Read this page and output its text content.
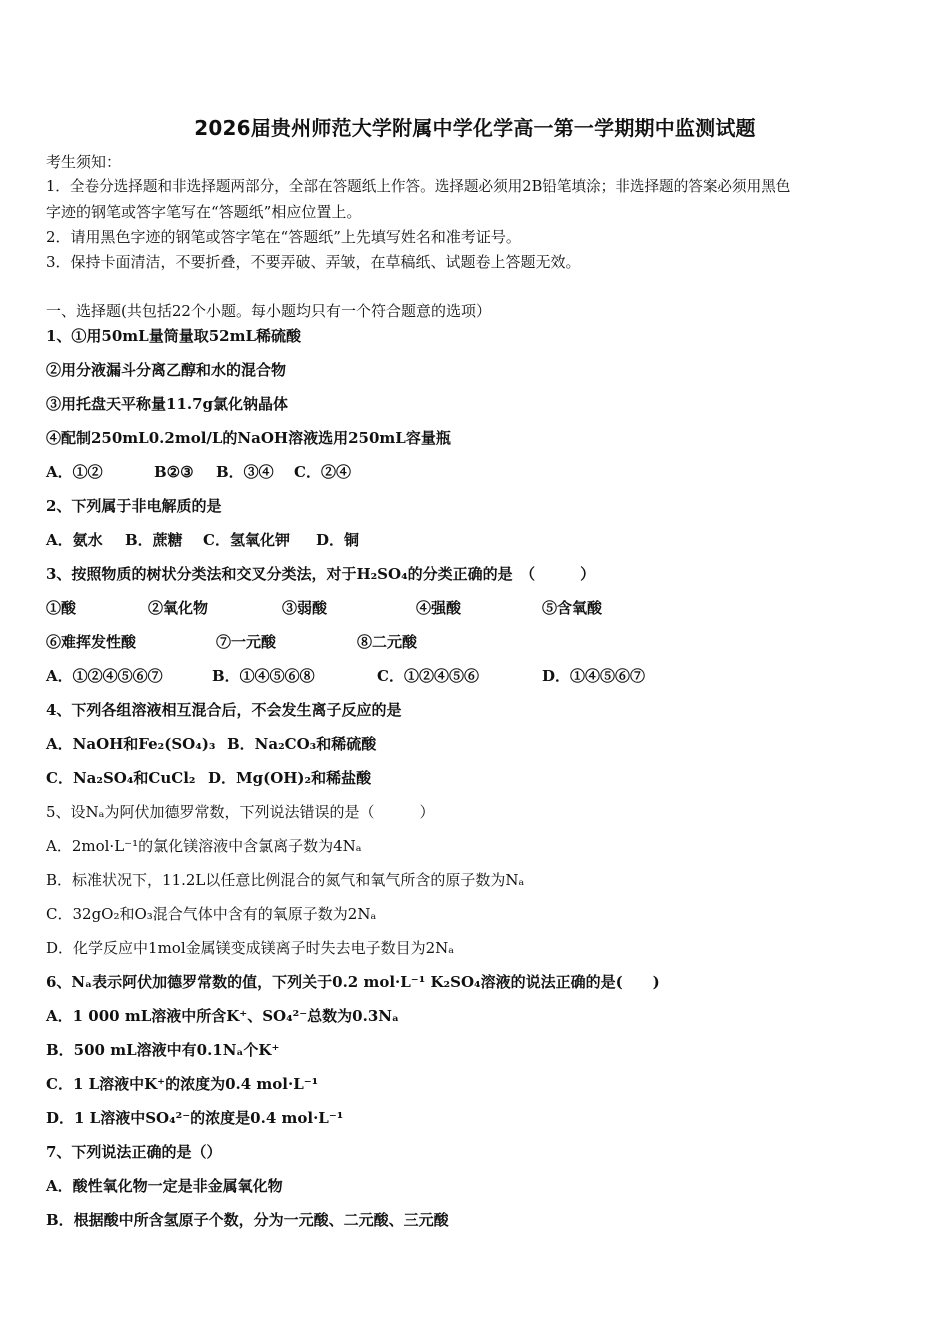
2026届贵州师范大学附属中学化学高一第一学期期中监测试题
考生须知：
1．全卷分选择题和非选择题两部分，全部在答题纸上作答。选择题必须用2B铅笔填涂；非选择题的答案必须用黑色
字迹的钢笔或答字笔写在“答题纸”相应位置上。
2．请用黑色字迹的钢笔或答字笔在“答题纸”上先填写姓名和准考证号。
3．保持卡面清洁，不要折叠，不要弄破、弄皱，在草稿纸、试题卷上答题无效。
一、选择题(共包括22个小题。每小题均只有一个符合题意的选项）
1、①用50mL量筒量取52mL稀硫酸
②用分液漏斗分离乙醇和水的混合物
③用托盘天平称量11.7g氯化钠晶体
④配制250mL0.2mol/L的NaOH溶液选用250mL容量瓶
A．①②	B②③ B．③④ C．②④
2、下列属于非电解质的是
A．氨水 B．蔗糖 C．氢氧化钾 D．铜
3、按照物质的树状分类法和交叉分类法，对于H₂SO₄的分类正确的是　（　　　）
①酸	②氧化物	③弱酸	④强酸	⑤含氧酸
⑥难挥发性酸	⑦一元酸	⑧二元酸
A．①②④⑤⑥⑦	B．①④⑤⑥⑧	C．①②④⑤⑥	D．①④⑤⑥⑦
4、下列各组溶液相互混合后，不会发生离子反应的是
A．NaOH和Fe₂(SO₄)₃ B．Na₂CO₃和稀硫酸
C．Na₂SO₄和CuCl₂ D．Mg(OH)₂和稀盐酸
5、设Nₐ为阿伏加德罗常数，下列说法错误的是（　　　）
A．2mol·L⁻¹的氯化镁溶液中含氯离子数为4Nₐ
B．标准状况下，11.2L以任意比例混合的氮气和氧气所含的原子数为Nₐ
C．32gO₂和O₃混合气体中含有的氧原子数为2Nₐ
D．化学反应中1mol金属镁变成镁离子时失去电子数目为2Nₐ
6、Nₐ表示阿伏加德罗常数的值，下列关于0.2 mol·L⁻¹ K₂SO₄溶液的说法正确的是(　　)
A．1 000 mL溶液中所含K⁺、SO₄²⁻总数为0.3Nₐ
B．500 mL溶液中有0.1Nₐ个K⁺
C．1 L溶液中K⁺的浓度为0.4 mol·L⁻¹
D．1 L溶液中SO₄²⁻的浓度是0.4 mol·L⁻¹
7、下列说法正确的是（）
A．酸性氧化物一定是非金属氧化物
B．根据酸中所含氢原子个数，分为一元酸、二元酸、三元酸
